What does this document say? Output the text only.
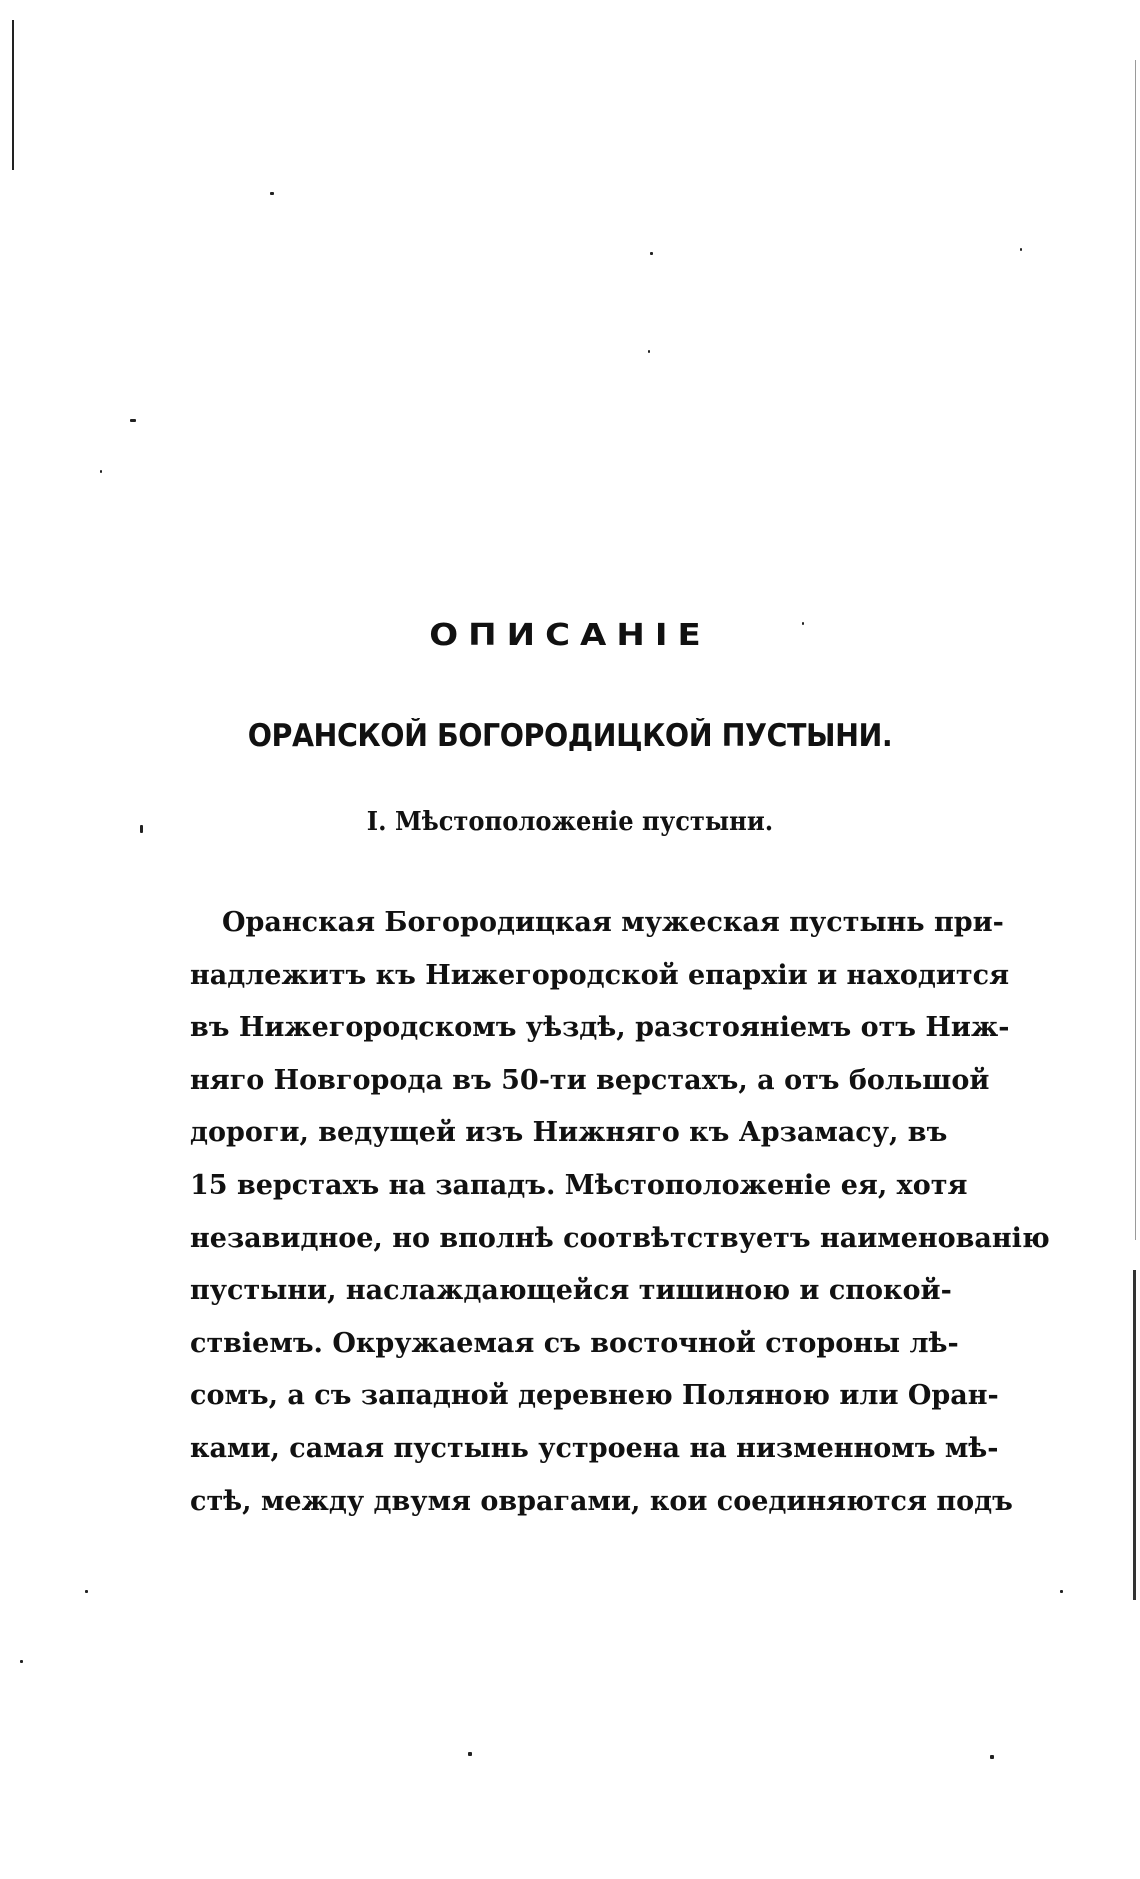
ОПИСАНІЕ
ОРАНСКОЙ БОГОРОДИЦКОЙ ПУСТЫНИ.
I. Мѣстоположеніе пустыни.
Оранская Богородицкая мужеская пустынь при-
надлежитъ къ Нижегородской епархіи и находится
въ Нижегородскомъ уѣздѣ, разстояніемъ отъ Ниж-
няго Новгорода въ 50-ти верстахъ, а отъ большой
дороги, ведущей изъ Нижняго къ Арзамасу, въ
15 верстахъ на западъ. Мѣстоположеніе ея, хотя
незавидное, но вполнѣ соотвѣтствуетъ наименованію
пустыни, наслаждающейся тишиною и спокой-
ствіемъ. Окружаемая съ восточной стороны лѣ-
сомъ, а съ западной деревнею Поляною или Оран-
ками, самая пустынь устроена на низменномъ мѣ-
стѣ, между двумя оврагами, кои соединяются подъ
